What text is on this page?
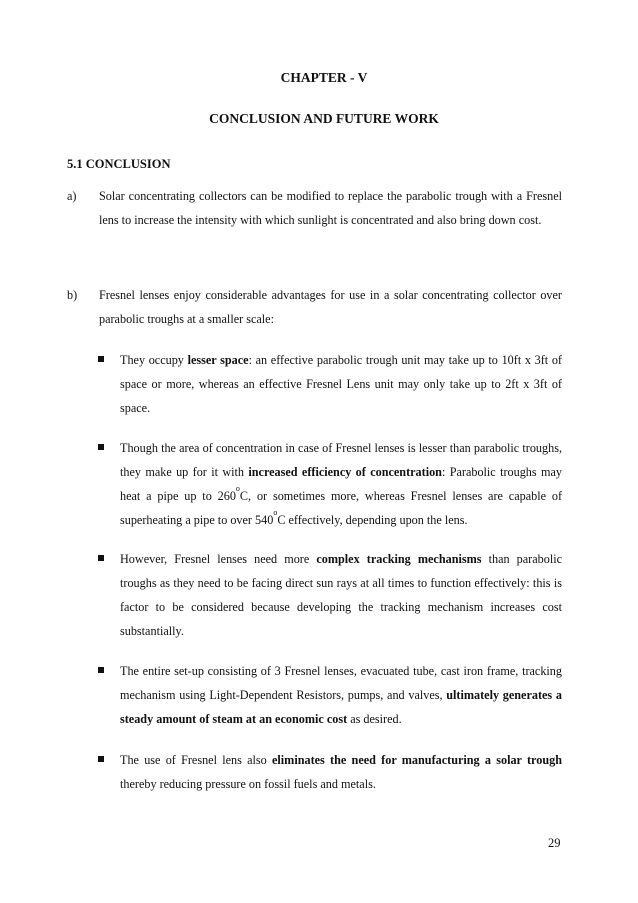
CHAPTER - V
CONCLUSION AND FUTURE WORK
5.1 CONCLUSION
a) Solar concentrating collectors can be modified to replace the parabolic trough with a Fresnel lens to increase the intensity with which sunlight is concentrated and also bring down cost.
b) Fresnel lenses enjoy considerable advantages for use in a solar concentrating collector over parabolic troughs at a smaller scale:
They occupy lesser space: an effective parabolic trough unit may take up to 10ft x 3ft of space or more, whereas an effective Fresnel Lens unit may only take up to 2ft x 3ft of space.
Though the area of concentration in case of Fresnel lenses is lesser than parabolic troughs, they make up for it with increased efficiency of concentration: Parabolic troughs may heat a pipe up to 260$^o$C, or sometimes more, whereas Fresnel lenses are capable of superheating a pipe to over 540$^o$C effectively, depending upon the lens.
However, Fresnel lenses need more complex tracking mechanisms than parabolic troughs as they need to be facing direct sun rays at all times to function effectively: this is factor to be considered because developing the tracking mechanism increases cost substantially.
The entire set-up consisting of 3 Fresnel lenses, evacuated tube, cast iron frame, tracking mechanism using Light-Dependent Resistors, pumps, and valves, ultimately generates a steady amount of steam at an economic cost as desired.
The use of Fresnel lens also eliminates the need for manufacturing a solar trough thereby reducing pressure on fossil fuels and metals.
29
